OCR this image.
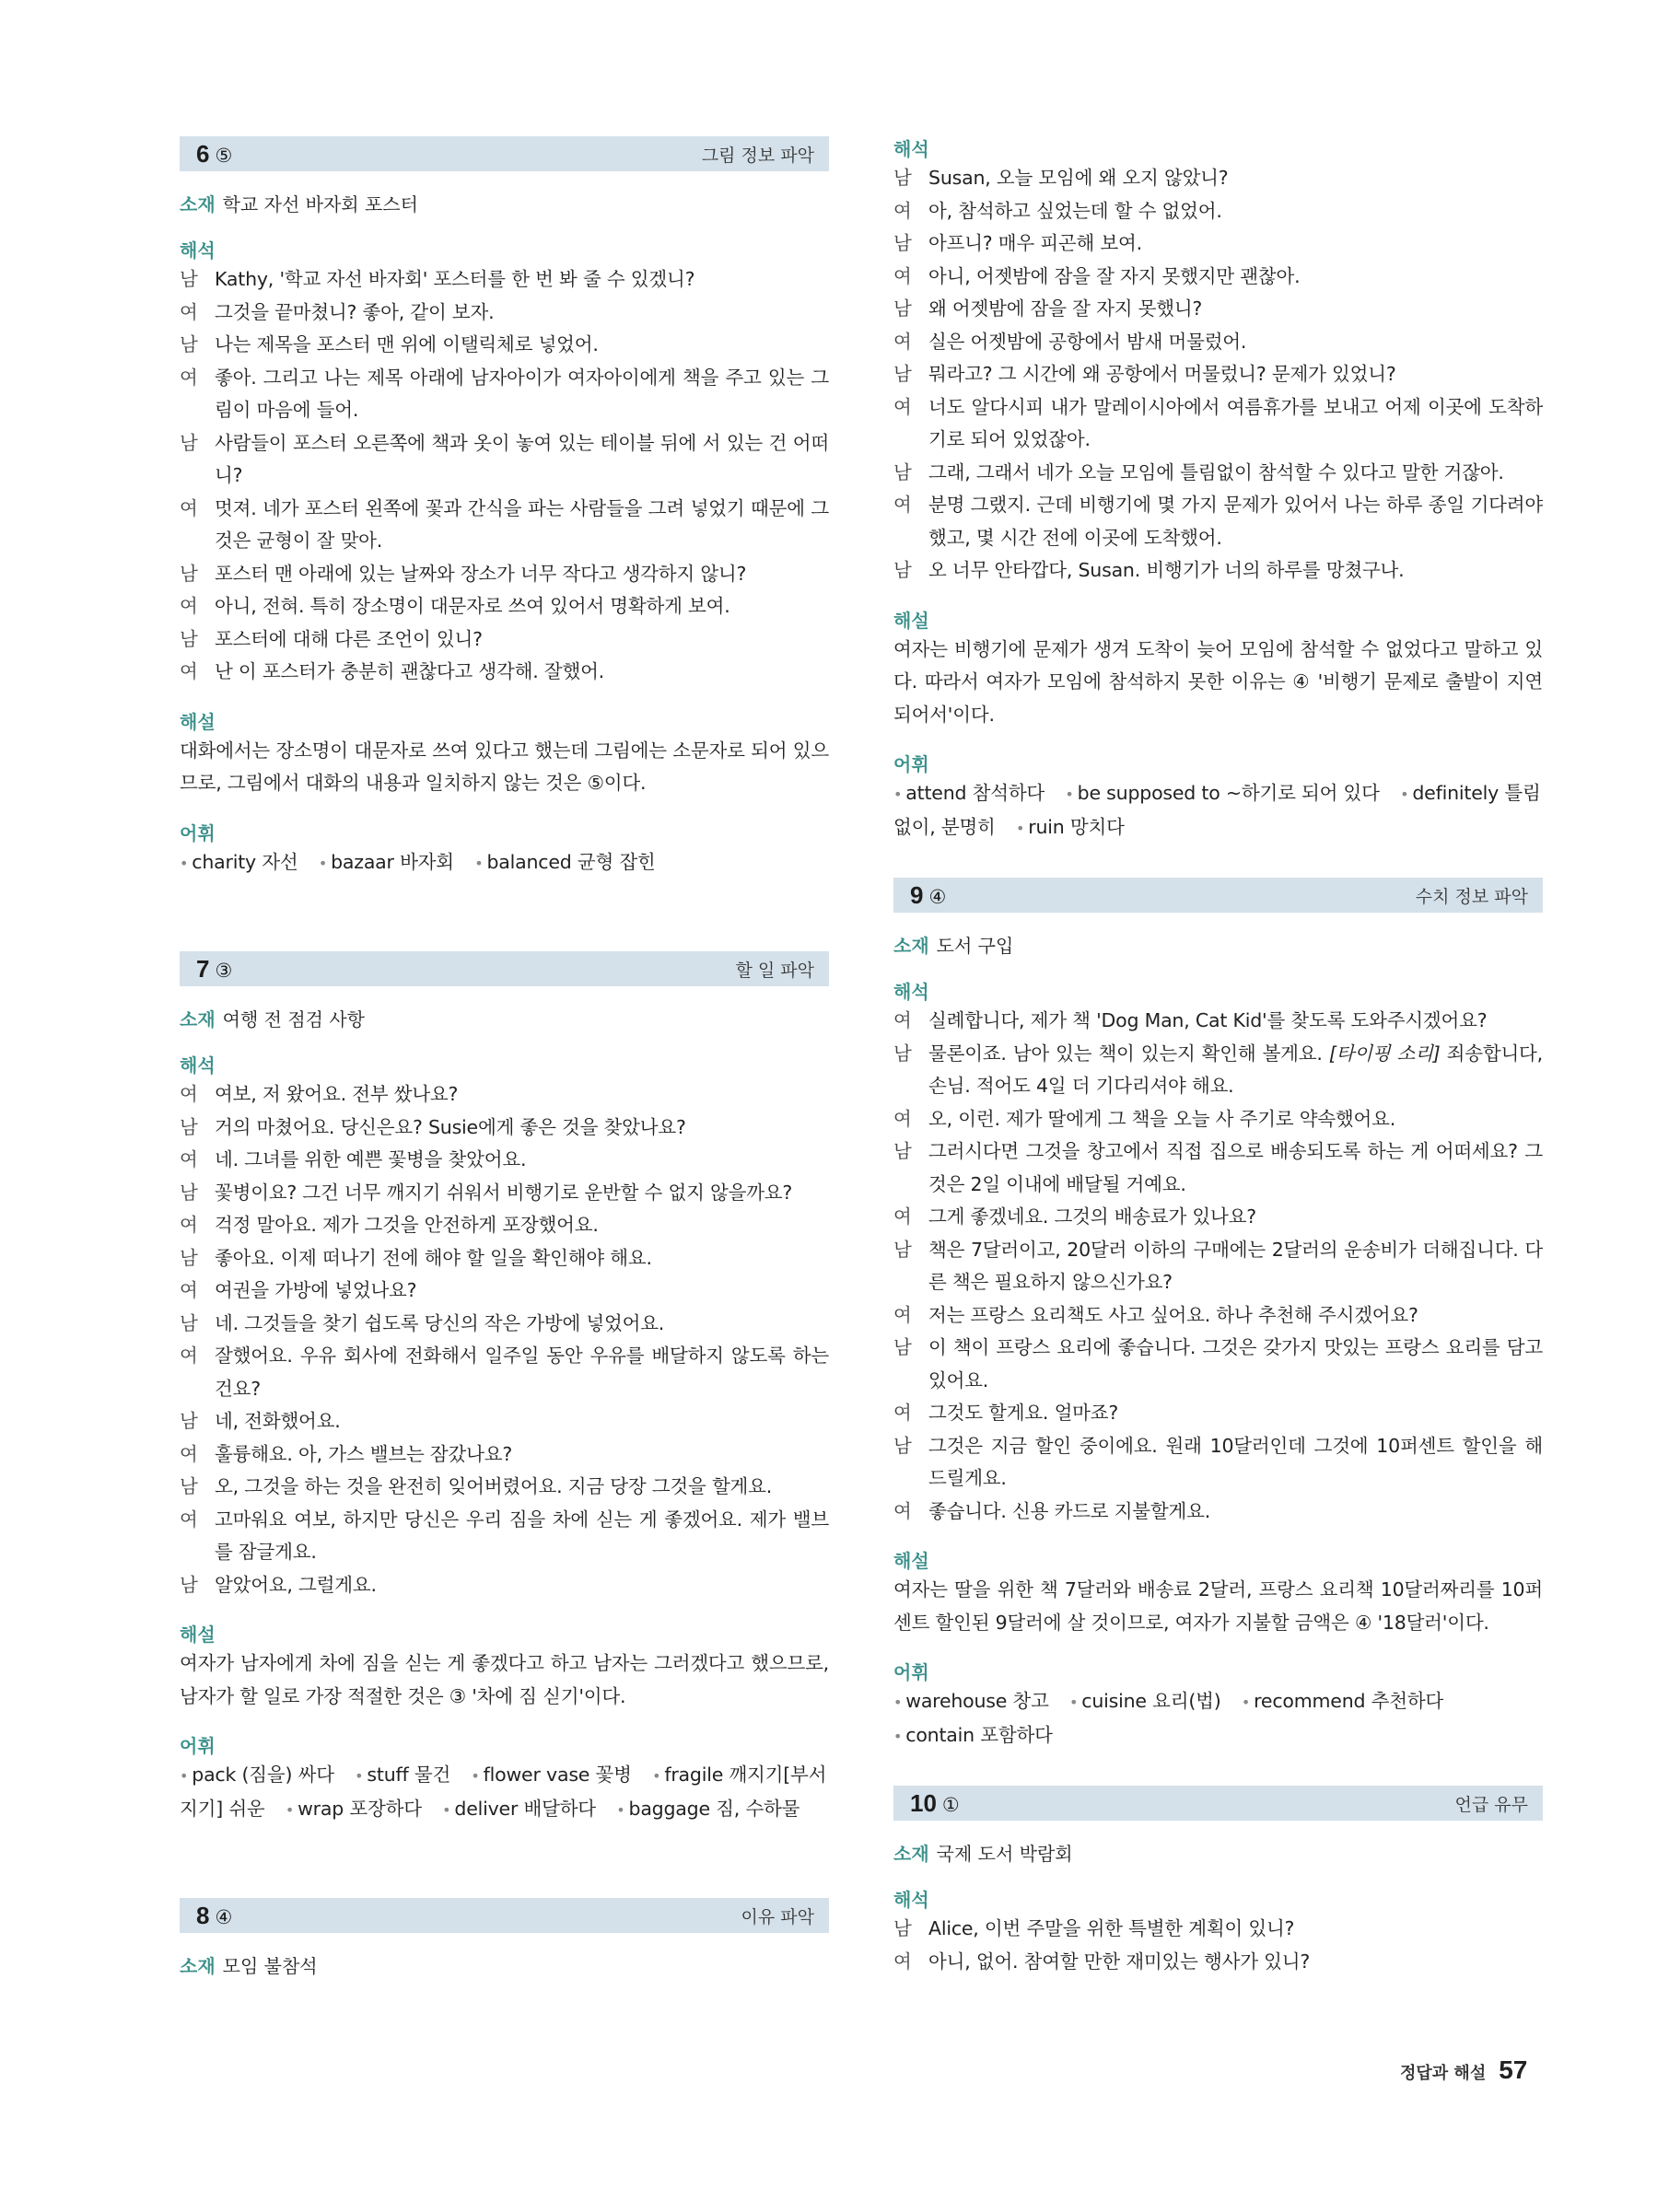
6 ⑤	그림 정보 파악
소재 학교 자선 바자회 포스터
해석
남 Kathy, '학교 자선 바자회' 포스터를 한 번 봐 줄 수 있겠니?
여 그것을 끝마쳤니? 좋아, 같이 보자.
남 나는 제목을 포스터 맨 위에 이탤릭체로 넣었어.
여 좋아. 그리고 나는 제목 아래에 남자아이가 여자아이에게 책을 주고 있는 그림이 마음에 들어.
남 사람들이 포스터 오른쪽에 책과 옷이 놓여 있는 테이블 뒤에 서 있는 건 어떠니?
여 멋져. 네가 포스터 왼쪽에 꽃과 간식을 파는 사람들을 그려 넣었기 때문에 그것은 균형이 잘 맞아.
남 포스터 맨 아래에 있는 날짜와 장소가 너무 작다고 생각하지 않니?
여 아니, 전혀. 특히 장소명이 대문자로 쓰여 있어서 명확하게 보여.
남 포스터에 대해 다른 조언이 있니?
여 난 이 포스터가 충분히 괜찮다고 생각해. 잘했어.
해설
대화에서는 장소명이 대문자로 쓰여 있다고 했는데 그림에는 소문자로 되어 있으므로, 그림에서 대화의 내용과 일치하지 않는 것은 ⑤이다.
어휘
• charity 자선 • bazaar 바자회 • balanced 균형 잡힌
7 ③	할 일 파악
소재 여행 전 점검 사항
해석
여 여보, 저 왔어요. 전부 쌌나요?
남 거의 마쳤어요. 당신은요? Susie에게 좋은 것을 찾았나요?
여 네. 그녀를 위한 예쁜 꽃병을 찾았어요.
남 꽃병이요? 그건 너무 깨지기 쉬워서 비행기로 운반할 수 없지 않을까요?
여 걱정 말아요. 제가 그것을 안전하게 포장했어요.
남 좋아요. 이제 떠나기 전에 해야 할 일을 확인해야 해요.
여 여권을 가방에 넣었나요?
남 네. 그것들을 찾기 쉽도록 당신의 작은 가방에 넣었어요.
여 잘했어요. 우유 회사에 전화해서 일주일 동안 우유를 배달하지 않도록 하는 건요?
남 네, 전화했어요.
여 훌륭해요. 아, 가스 밸브는 잠갔나요?
남 오, 그것을 하는 것을 완전히 잊어버렸어요. 지금 당장 그것을 할게요.
여 고마워요 여보, 하지만 당신은 우리 짐을 차에 싣는 게 좋겠어요. 제가 밸브를 잠글게요.
남 알았어요, 그럴게요.
해설
여자가 남자에게 차에 짐을 싣는 게 좋겠다고 하고 남자는 그러겠다고 했으므로, 남자가 할 일로 가장 적절한 것은 ③ '차에 짐 싣기'이다.
어휘
• pack (짐을) 싸다 • stuff 물건 • flower vase 꽃병 • fragile 깨지기[부서지기] 쉬운 • wrap 포장하다 • deliver 배달하다 • baggage 짐, 수하물
8 ④	이유 파악
소재 모임 불참석
해석
남 Susan, 오늘 모임에 왜 오지 않았니?
여 아, 참석하고 싶었는데 할 수 없었어.
남 아프니? 매우 피곤해 보여.
여 아니, 어젯밤에 잠을 잘 자지 못했지만 괜찮아.
남 왜 어젯밤에 잠을 잘 자지 못했니?
여 실은 어젯밤에 공항에서 밤새 머물렀어.
남 뭐라고? 그 시간에 왜 공항에서 머물렀니? 문제가 있었니?
여 너도 알다시피 내가 말레이시아에서 여름휴가를 보내고 어제 이곳에 도착하기로 되어 있었잖아.
남 그래, 그래서 네가 오늘 모임에 틀림없이 참석할 수 있다고 말한 거잖아.
여 분명 그랬지. 근데 비행기에 몇 가지 문제가 있어서 나는 하루 종일 기다려야 했고, 몇 시간 전에 이곳에 도착했어.
남 오 너무 안타깝다, Susan. 비행기가 너의 하루를 망쳤구나.
해설
여자는 비행기에 문제가 생겨 도착이 늦어 모임에 참석할 수 없었다고 말하고 있다. 따라서 여자가 모임에 참석하지 못한 이유는 ④ '비행기 문제로 출발이 지연되어서'이다.
어휘
• attend 참석하다 • be supposed to ~하기로 되어 있다 • definitely 틀림없이, 분명히 • ruin 망치다
9 ④	수치 정보 파악
소재 도서 구입
해석
여 실례합니다, 제가 책 'Dog Man, Cat Kid'를 찾도록 도와주시겠어요?
남 물론이죠. 남아 있는 책이 있는지 확인해 볼게요. [타이핑 소리] 죄송합니다, 손님. 적어도 4일 더 기다리셔야 해요.
여 오, 이런. 제가 딸에게 그 책을 오늘 사 주기로 약속했어요.
남 그러시다면 그것을 창고에서 직접 집으로 배송되도록 하는 게 어떠세요? 그것은 2일 이내에 배달될 거예요.
여 그게 좋겠네요. 그것의 배송료가 있나요?
남 책은 7달러이고, 20달러 이하의 구매에는 2달러의 운송비가 더해집니다. 다른 책은 필요하지 않으신가요?
여 저는 프랑스 요리책도 사고 싶어요. 하나 추천해 주시겠어요?
남 이 책이 프랑스 요리에 좋습니다. 그것은 갖가지 맛있는 프랑스 요리를 담고 있어요.
여 그것도 할게요. 얼마죠?
남 그것은 지금 할인 중이에요. 원래 10달러인데 그것에 10퍼센트 할인을 해 드릴게요.
여 좋습니다. 신용 카드로 지불할게요.
해설
여자는 딸을 위한 책 7달러와 배송료 2달러, 프랑스 요리책 10달러짜리를 10퍼센트 할인된 9달러에 살 것이므로, 여자가 지불할 금액은 ④ '18달러'이다.
어휘
• warehouse 창고 • cuisine 요리(법) • recommend 추천하다 • contain 포함하다
10 ①	언급 유무
소재 국제 도서 박람회
해석
남 Alice, 이번 주말을 위한 특별한 계획이 있니?
여 아니, 없어. 참여할 만한 재미있는 행사가 있니?
정답과 해설 57
